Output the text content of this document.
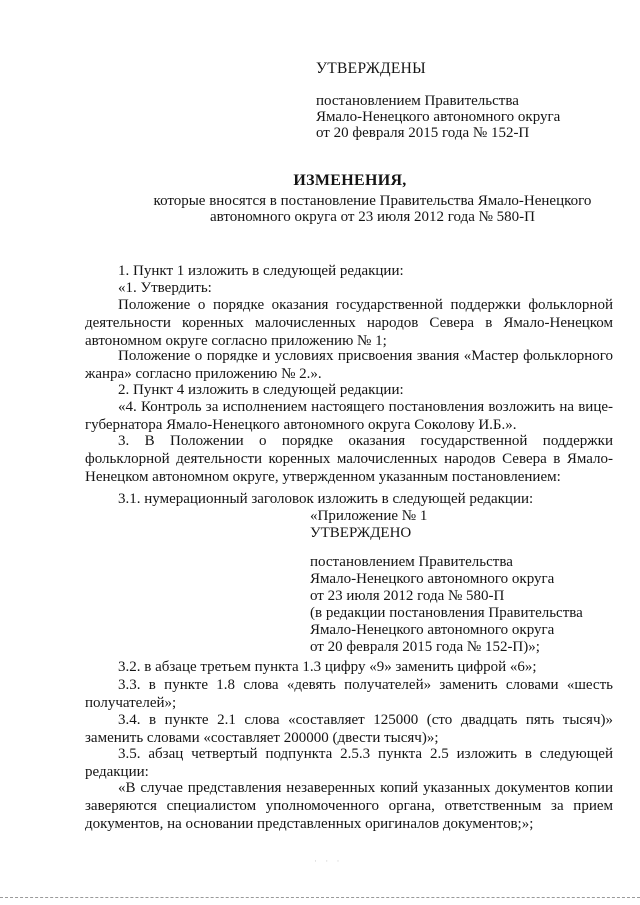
УТВЕРЖДЕНЫ
постановлением Правительства
Ямало-Ненецкого автономного округа
от 20 февраля 2015 года № 152-П
ИЗМЕНЕНИЯ,
которые вносятся в постановление Правительства Ямало-Ненецкого
автономного округа от 23 июля 2012 года № 580-П
1. Пункт 1 изложить в следующей редакции:
«1. Утвердить:
Положение о порядке оказания государственной поддержки фольклорной деятельности коренных малочисленных народов Севера в Ямало-Ненецком автономном округе согласно приложению № 1;
Положение о порядке и условиях присвоения звания «Мастер фольклорного жанра» согласно приложению № 2.».
2. Пункт 4 изложить в следующей редакции:
«4. Контроль за исполнением настоящего постановления возложить на вице-губернатора Ямало-Ненецкого автономного округа Соколову И.Б.».
3. В Положении о порядке оказания государственной поддержки фольклорной деятельности коренных малочисленных народов Севера в Ямало-Ненецком автономном округе, утвержденном указанным постановлением:
3.1. нумерационный заголовок изложить в следующей редакции:
«Приложение № 1
УТВЕРЖДЕНО
постановлением Правительства
Ямало-Ненецкого автономного округа
от 23 июля 2012 года № 580-П
(в редакции постановления Правительства
Ямало-Ненецкого автономного округа
от 20 февраля 2015 года № 152-П)»;
3.2. в абзаце третьем пункта 1.3 цифру «9» заменить цифрой «6»;
3.3. в пункте 1.8 слова «девять получателей» заменить словами «шесть получателей»;
3.4. в пункте 2.1 слова «составляет 125000 (сто двадцать пять тысяч)» заменить словами «составляет 200000 (двести тысяч)»;
3.5. абзац четвертый подпункта 2.5.3 пункта 2.5 изложить в следующей редакции:
«В случае представления незаверенных копий указанных документов копии заверяются специалистом уполномоченного органа, ответственным за прием документов, на основании представленных оригиналов документов;»;
· · ·
